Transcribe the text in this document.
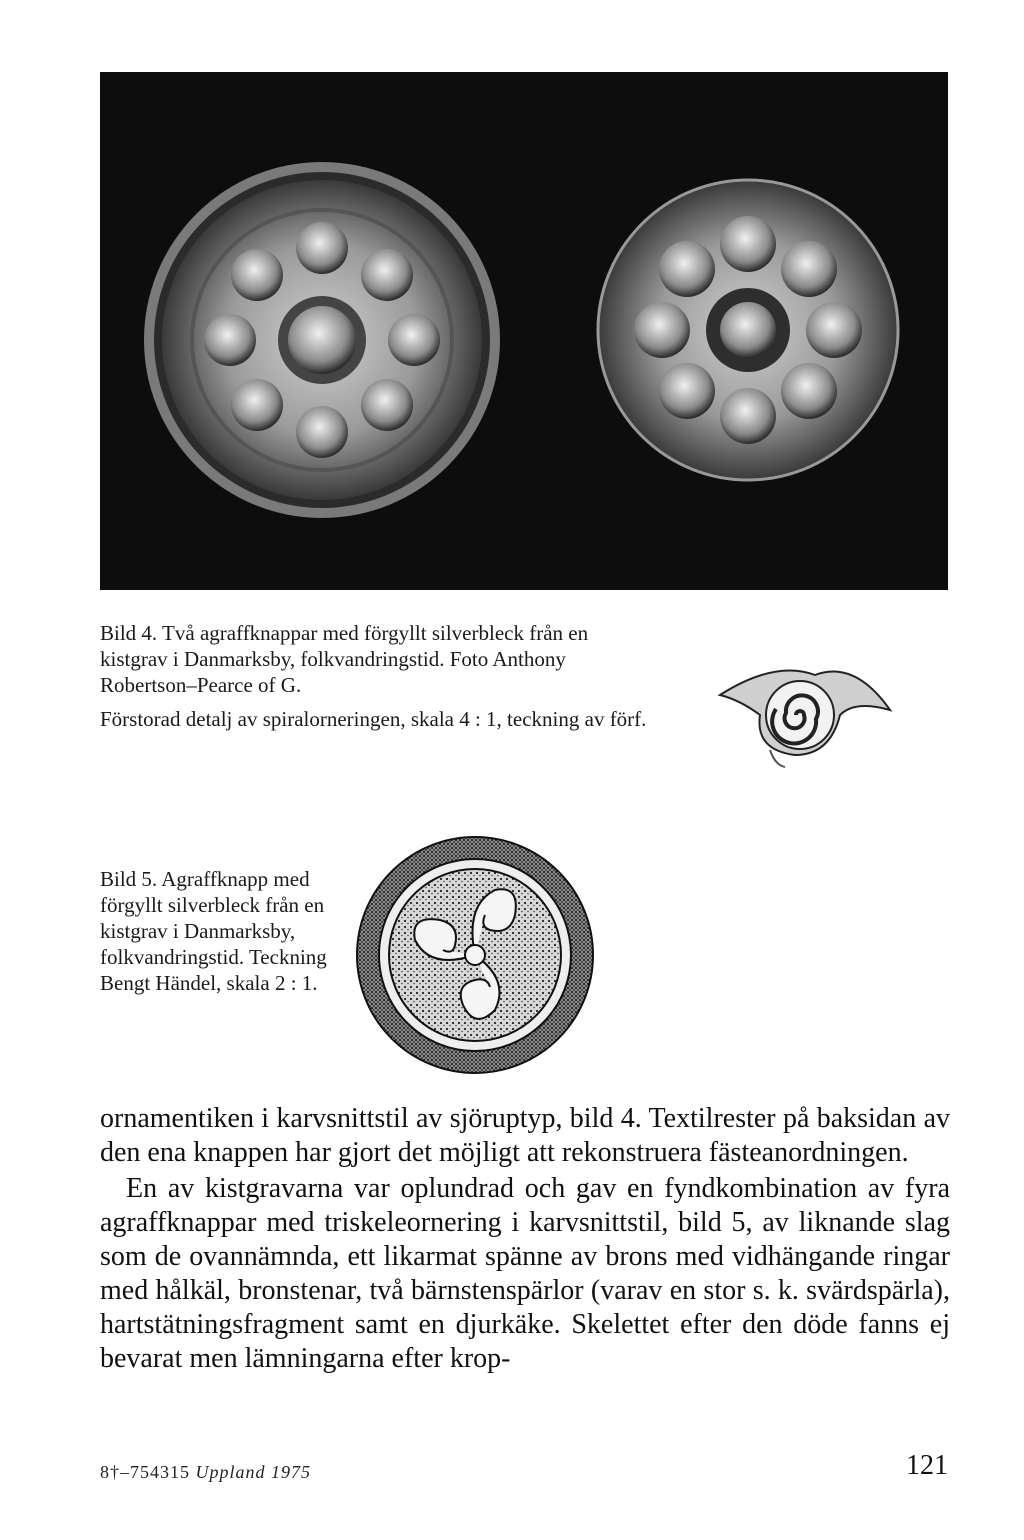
Bild 4. Två agraffknappar med förgyllt silverbleck från en kistgrav i Danmarksby, folkvandringstid. Foto Anthony Robertson–Pearce of G.

Förstorad detalj av spiralorneringen, skala 4 : 1, teckning av förf.

Bild 5. Agraffknapp med förgyllt silverbleck från en kistgrav i Danmarksby, folkvandringstid. Teckning Bengt Händel, skala 2 : 1.

ornamentiken i karvsnittstil av sjöruptyp, bild 4. Textilrester på baksidan av den ena knappen har gjort det möjligt att rekonstruera fästeanordningen.

En av kistgravarna var oplundrad och gav en fyndkombination av fyra agraffknappar med triskeleornering i karvsnittstil, bild 5, av liknande slag som de ovannämnda, ett likarmat spänne av brons med vidhängande ringar med hålkäl, bronstenar, två bärnstenspärlor (varav en stor s. k. svärdspärla), hartstätningsfragment samt en djurkäke. Skelettet efter den döde fanns ej bevarat men lämningarna efter krop-

8†–754315 Uppland 1975	121
